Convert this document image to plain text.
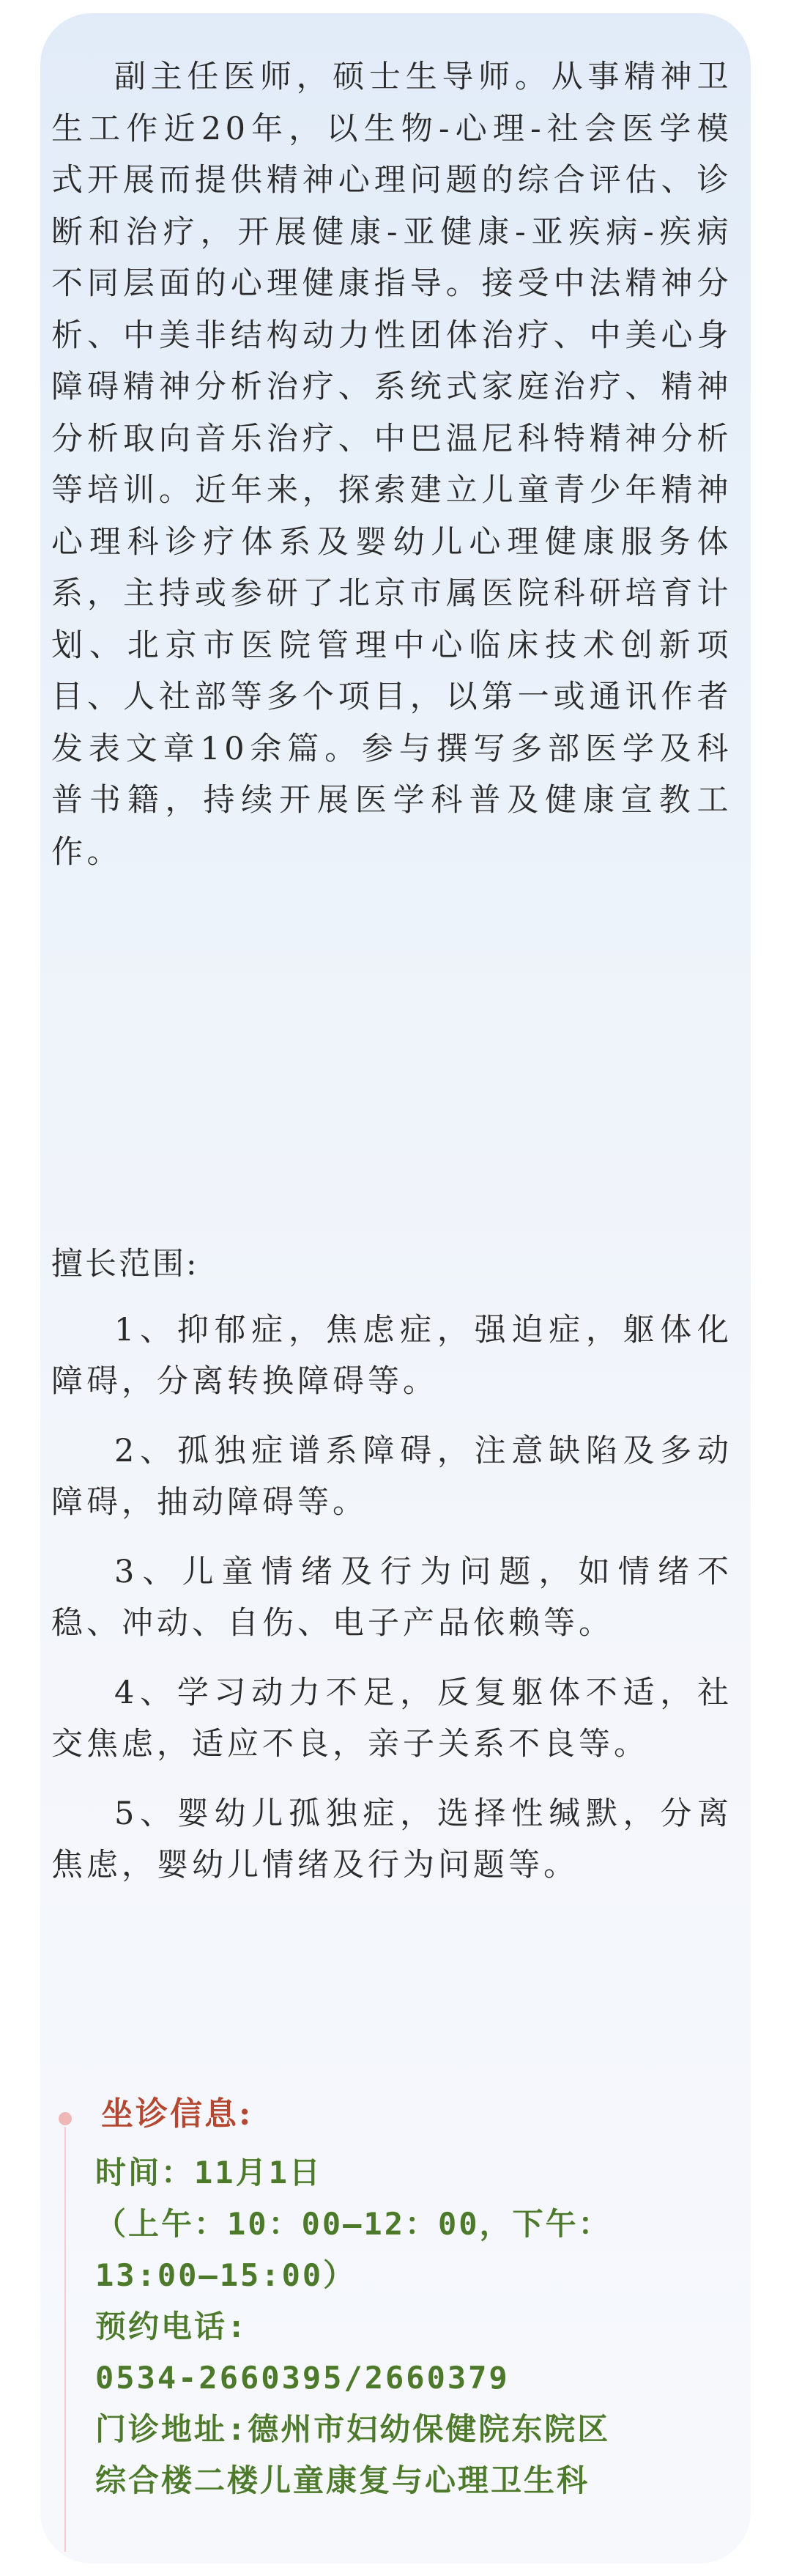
副主任医师，硕士生导师。从事精神卫生工作近20年，以生物-心理-社会医学模式开展而提供精神心理问题的综合评估、诊断和治疗，开展健康-亚健康-亚疾病-疾病不同层面的心理健康指导。接受中法精神分析、中美非结构动力性团体治疗、中美心身障碍精神分析治疗、系统式家庭治疗、精神分析取向音乐治疗、中巴温尼科特精神分析等培训。近年来，探索建立儿童青少年精神心理科诊疗体系及婴幼儿心理健康服务体系，主持或参研了北京市属医院科研培育计划、北京市医院管理中心临床技术创新项目、人社部等多个项目，以第一或通讯作者发表文章10余篇。参与撰写多部医学及科普书籍，持续开展医学科普及健康宣教工作。

擅长范围:

1、抑郁症，焦虑症，强迫症，躯体化障碍，分离转换障碍等。
2、孤独症谱系障碍，注意缺陷及多动障碍，抽动障碍等。
3、儿童情绪及行为问题，如情绪不稳、冲动、自伤、电子产品依赖等。
4、学习动力不足，反复躯体不适，社交焦虑，适应不良，亲子关系不良等。
5、婴幼儿孤独症，选择性缄默，分离焦虑，婴幼儿情绪及行为问题等。

坐诊信息:

时间：11月1日
（上午：10：00—12：00，下午：
13:00—15:00）
预约电话:
0534-2660395/2660379
门诊地址:德州市妇幼保健院东院区
综合楼二楼儿童康复与心理卫生科
